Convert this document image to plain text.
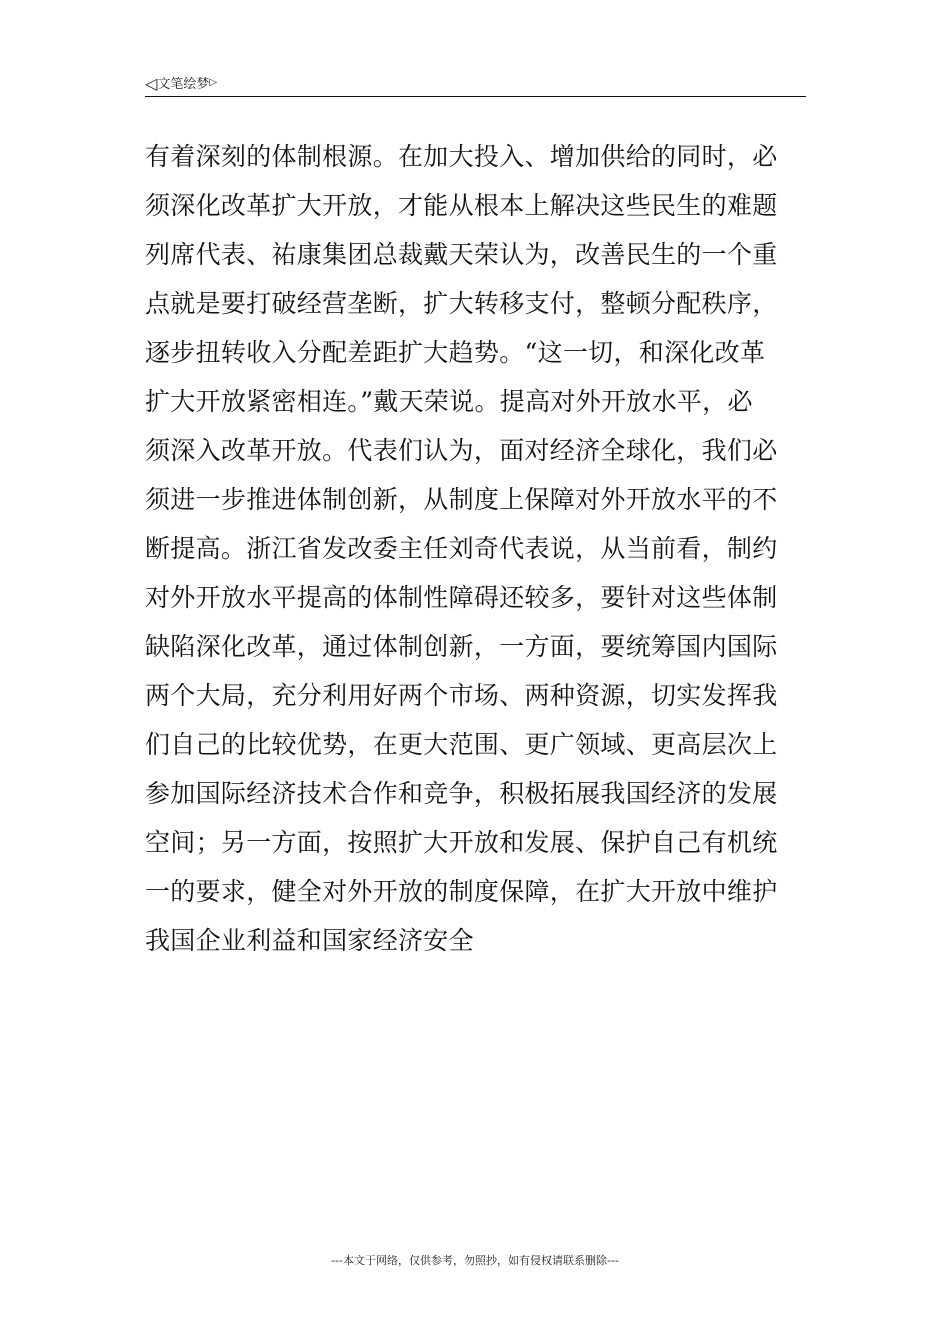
◁文笔绘梦▷
有着深刻的体制根源。在加大投入、增加供给的同时，必
须深化改革扩大开放，才能从根本上解决这些民生的难题
列席代表、祐康集团总裁戴天荣认为，改善民生的一个重
点就是要打破经营垄断，扩大转移支付，整顿分配秩序，
逐步扭转收入分配差距扩大趋势。“这一切，和深化改革
扩大开放紧密相连。”戴天荣说。提高对外开放水平，必
须深入改革开放。代表们认为，面对经济全球化，我们必
须进一步推进体制创新，从制度上保障对外开放水平的不
断提高。浙江省发改委主任刘奇代表说，从当前看，制约
对外开放水平提高的体制性障碍还较多，要针对这些体制
缺陷深化改革，通过体制创新，一方面，要统筹国内国际
两个大局，充分利用好两个市场、两种资源，切实发挥我
们自己的比较优势，在更大范围、更广领域、更高层次上
参加国际经济技术合作和竞争，积极拓展我国经济的发展
空间；另一方面，按照扩大开放和发展、保护自己有机统
一的要求，健全对外开放的制度保障，在扩大开放中维护
我国企业利益和国家经济安全
---本文于网络，仅供参考，勿照抄，如有侵权请联系删除---
